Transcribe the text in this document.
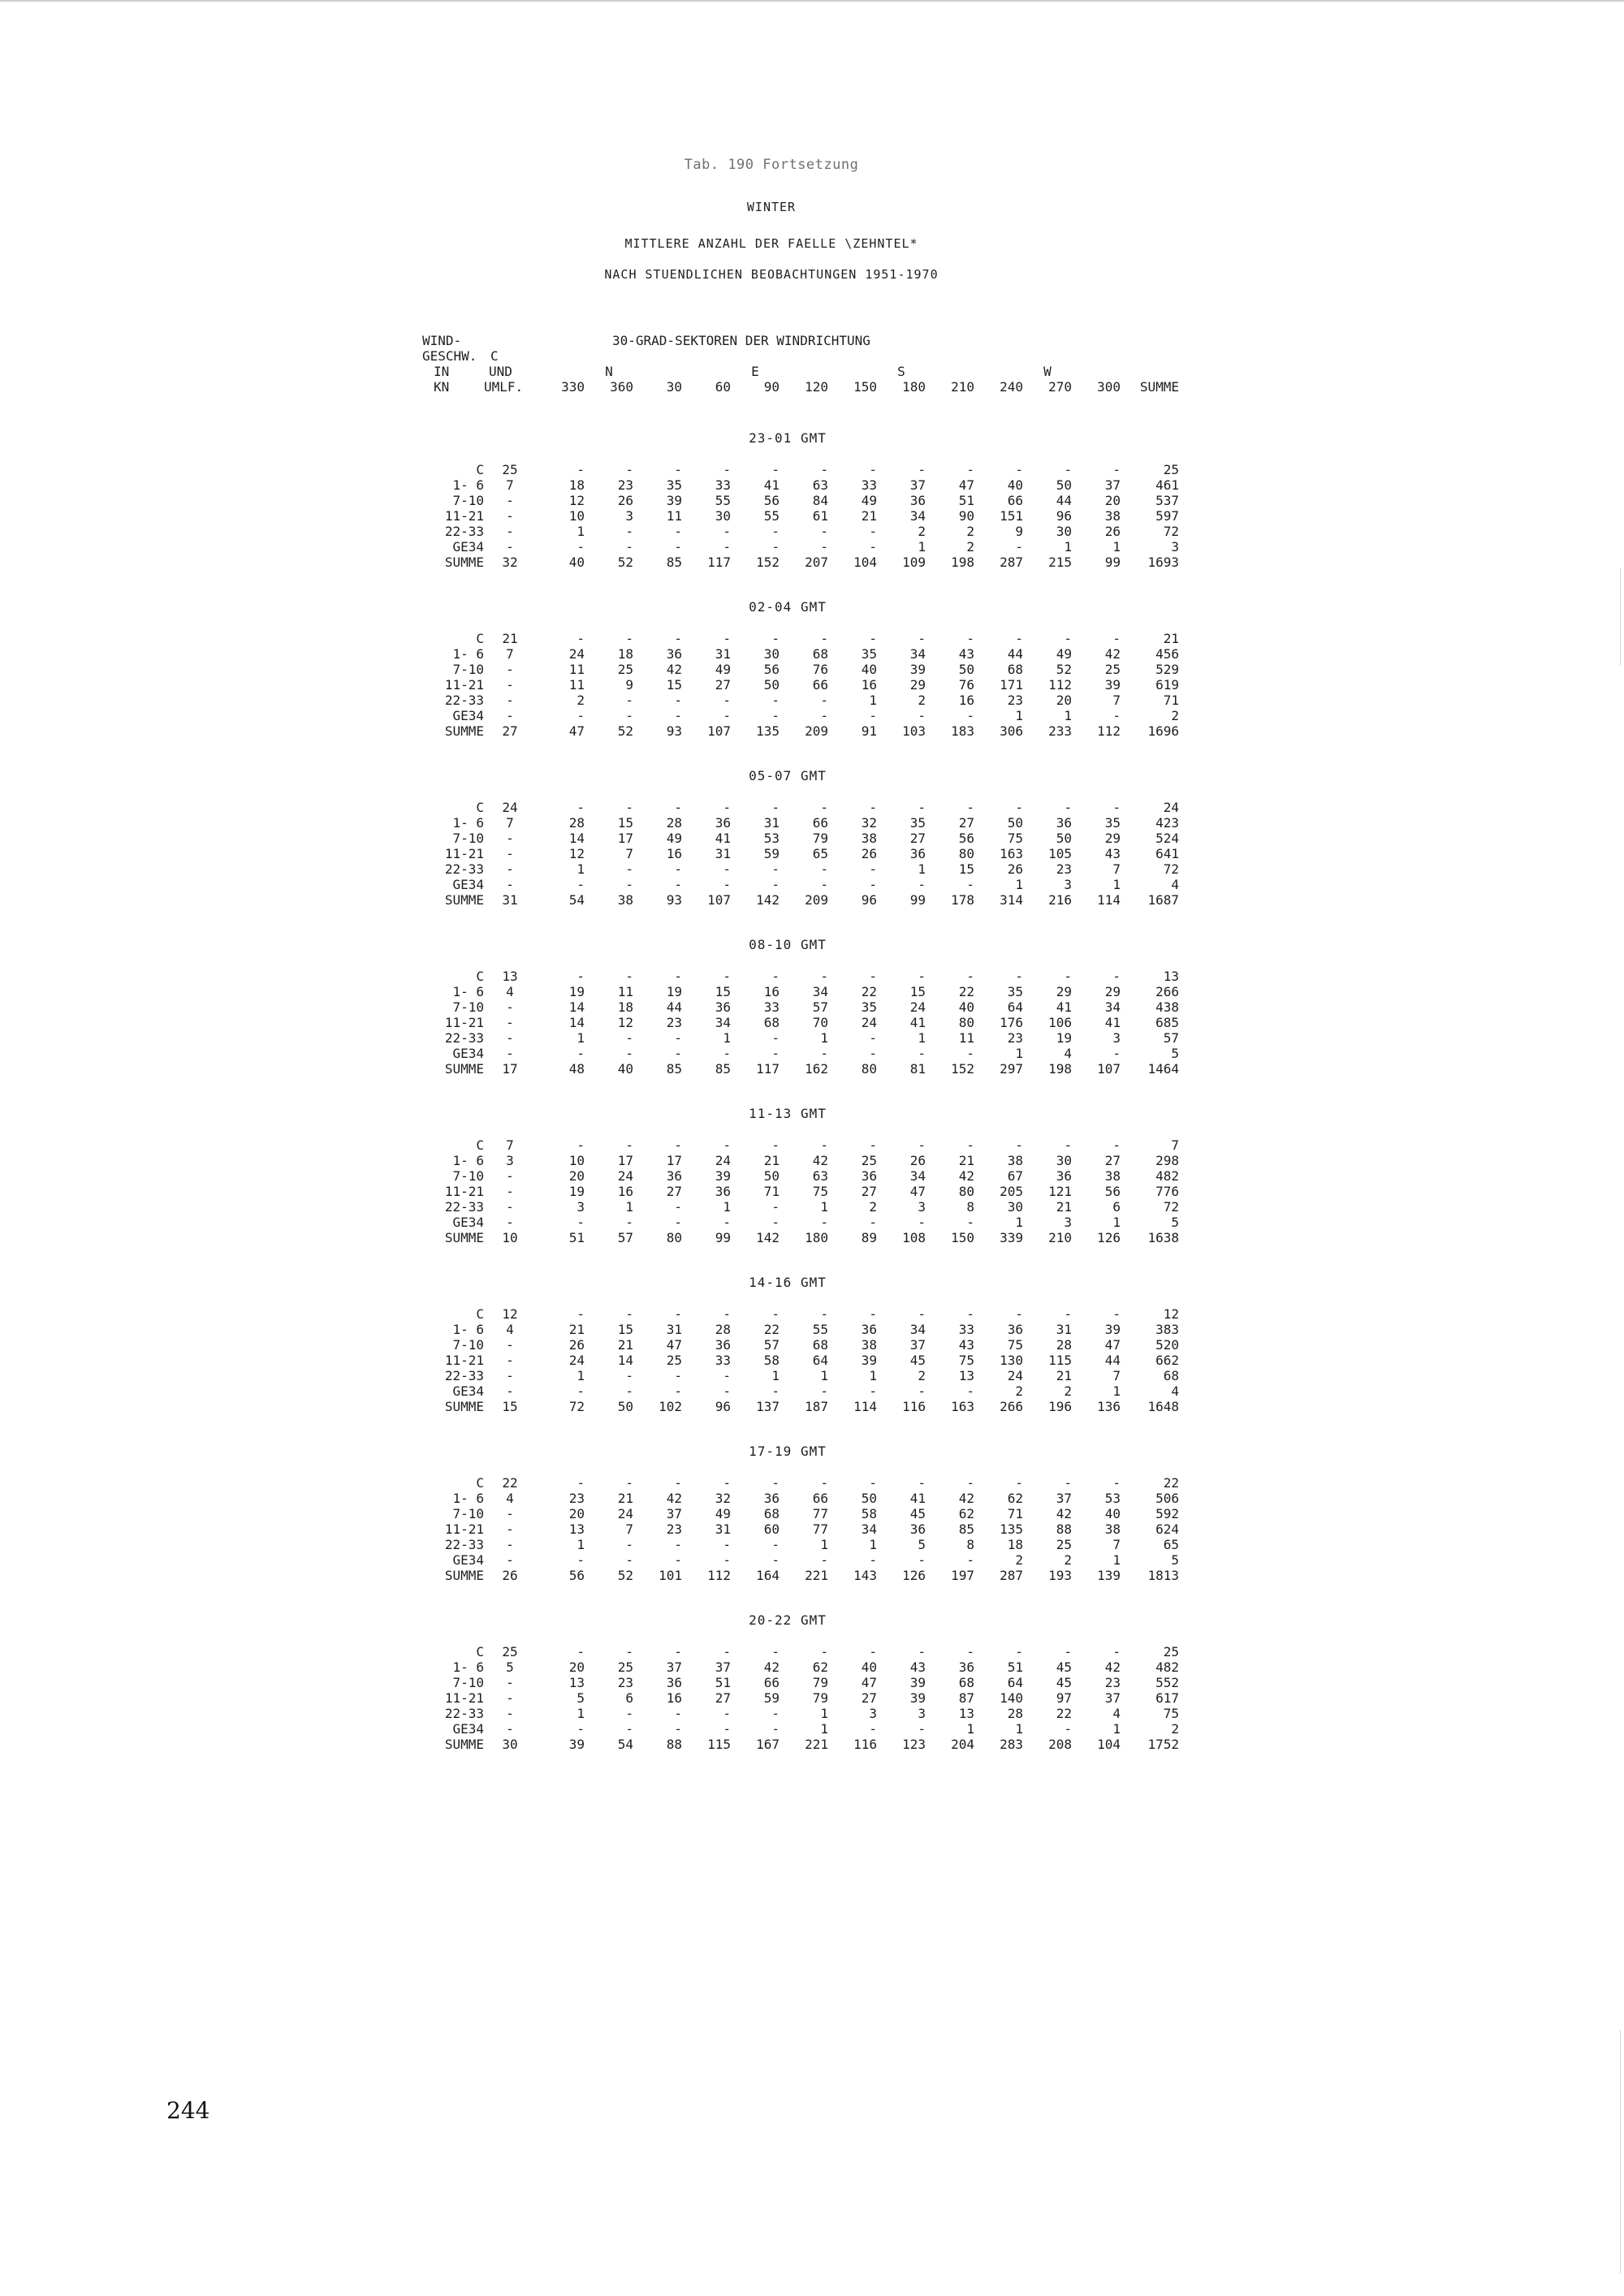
Tab. 190 Fortsetzung
WINTER
MITTLERE ANZAHL DER FAELLE \ZEHNTEL*
NACH STUENDLICHEN BEOBACHTUNGEN 1951-1970
WIND-	30-GRAD-SEKTOREN DER WINDRICHTUNG
GESCHW.	C
IN	UND	N	E	S	W
KN	UMLF.	330	360	30	60	90	120	150	180	210	240	270	300	SUMME
23-01 GMT
C	25	-	-	-	-	-	-	-	-	-	-	-	-	25
1- 6	7	18	23	35	33	41	63	33	37	47	40	50	37	461
7-10	-	12	26	39	55	56	84	49	36	51	66	44	20	537
11-21	-	10	3	11	30	55	61	21	34	90	151	96	38	597
22-33	-	1	-	-	-	-	-	-	2	2	9	30	26	72
GE34	-	-	-	-	-	-	-	-	1	2	-	1	1	3
SUMME	32	40	52	85	117	152	207	104	109	198	287	215	99	1693
02-04 GMT
C	21	-	-	-	-	-	-	-	-	-	-	-	-	21
1- 6	7	24	18	36	31	30	68	35	34	43	44	49	42	456
7-10	-	11	25	42	49	56	76	40	39	50	68	52	25	529
11-21	-	11	9	15	27	50	66	16	29	76	171	112	39	619
22-33	-	2	-	-	-	-	-	1	2	16	23	20	7	71
GE34	-	-	-	-	-	-	-	-	-	-	1	1	-	2
SUMME	27	47	52	93	107	135	209	91	103	183	306	233	112	1696
05-07 GMT
C	24	-	-	-	-	-	-	-	-	-	-	-	-	24
1- 6	7	28	15	28	36	31	66	32	35	27	50	36	35	423
7-10	-	14	17	49	41	53	79	38	27	56	75	50	29	524
11-21	-	12	7	16	31	59	65	26	36	80	163	105	43	641
22-33	-	1	-	-	-	-	-	-	1	15	26	23	7	72
GE34	-	-	-	-	-	-	-	-	-	-	1	3	1	4
SUMME	31	54	38	93	107	142	209	96	99	178	314	216	114	1687
08-10 GMT
C	13	-	-	-	-	-	-	-	-	-	-	-	-	13
1- 6	4	19	11	19	15	16	34	22	15	22	35	29	29	266
7-10	-	14	18	44	36	33	57	35	24	40	64	41	34	438
11-21	-	14	12	23	34	68	70	24	41	80	176	106	41	685
22-33	-	1	-	-	1	-	1	-	1	11	23	19	3	57
GE34	-	-	-	-	-	-	-	-	-	-	1	4	-	5
SUMME	17	48	40	85	85	117	162	80	81	152	297	198	107	1464
11-13 GMT
C	7	-	-	-	-	-	-	-	-	-	-	-	-	7
1- 6	3	10	17	17	24	21	42	25	26	21	38	30	27	298
7-10	-	20	24	36	39	50	63	36	34	42	67	36	38	482
11-21	-	19	16	27	36	71	75	27	47	80	205	121	56	776
22-33	-	3	1	-	1	-	1	2	3	8	30	21	6	72
GE34	-	-	-	-	-	-	-	-	-	-	1	3	1	5
SUMME	10	51	57	80	99	142	180	89	108	150	339	210	126	1638
14-16 GMT
C	12	-	-	-	-	-	-	-	-	-	-	-	-	12
1- 6	4	21	15	31	28	22	55	36	34	33	36	31	39	383
7-10	-	26	21	47	36	57	68	38	37	43	75	28	47	520
11-21	-	24	14	25	33	58	64	39	45	75	130	115	44	662
22-33	-	1	-	-	-	1	1	1	2	13	24	21	7	68
GE34	-	-	-	-	-	-	-	-	-	-	2	2	1	4
SUMME	15	72	50	102	96	137	187	114	116	163	266	196	136	1648
17-19 GMT
C	22	-	-	-	-	-	-	-	-	-	-	-	-	22
1- 6	4	23	21	42	32	36	66	50	41	42	62	37	53	506
7-10	-	20	24	37	49	68	77	58	45	62	71	42	40	592
11-21	-	13	7	23	31	60	77	34	36	85	135	88	38	624
22-33	-	1	-	-	-	-	1	1	5	8	18	25	7	65
GE34	-	-	-	-	-	-	-	-	-	-	2	2	1	5
SUMME	26	56	52	101	112	164	221	143	126	197	287	193	139	1813
20-22 GMT
C	25	-	-	-	-	-	-	-	-	-	-	-	-	25
1- 6	5	20	25	37	37	42	62	40	43	36	51	45	42	482
7-10	-	13	23	36	51	66	79	47	39	68	64	45	23	552
11-21	-	5	6	16	27	59	79	27	39	87	140	97	37	617
22-33	-	1	-	-	-	-	1	3	3	13	28	22	4	75
GE34	-	-	-	-	-	-	1	-	-	1	1	-	1	2
SUMME	30	39	54	88	115	167	221	116	123	204	283	208	104	1752
244
